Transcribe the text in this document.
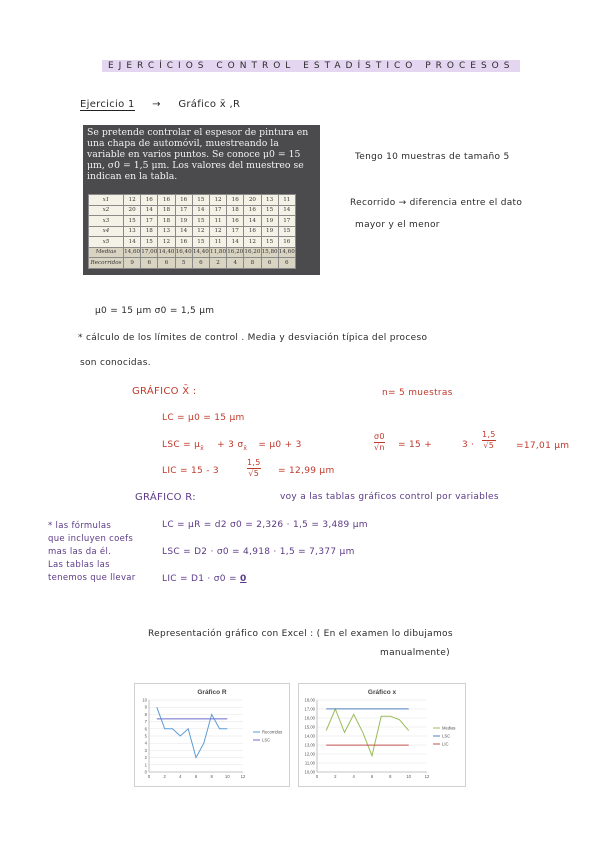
EJERCÍCIOS CONTROL ESTADÍSTICO PROCESOS
Ejercicio 1 → Gráfico x̄ ,R
Se pretende controlar el espesor de pintura en una chapa de automóvil, muestreando la variable en varios puntos. Se conoce μ0 = 15 μm, σ0 = 1,5 μm. Los valores del muestreo se indican en la tabla.
x1	12	16	16	16	15	12	16	20	13	11
x2	20	14	18	17	14	17	18	16	15	14
x3	15	17	18	19	15	11	16	14	19	17
x4	13	18	13	14	12	12	17	16	19	15
x5	14	15	12	16	15	11	14	12	15	16
Medias	14,60	17,00	14,40	16,40	14,40	11,80	16,20	16,20	15,80	14,60
Recorridos	9	6	6	5	6	2	4	8	6	6
Tengo 10 muestras de tamaño 5
Recorrido → diferencia entre el dato
mayor y el menor
μ0 = 15 μm σ0 = 1,5 μm
* cálculo de los límites de control . Media y desviación típica del proceso
son conocidas.
GRÁFICO X̄ :	n= 5 muestras
LC = μ0 = 15 μm
LSC = $\mu_{x̄} + 3$ $\sigma_{x̄} = \mu 0 + 3$	$\frac{\sigma 0}{√n} = 15$ +	$3 \cdot \frac{1,5}{√5} =17,01$ μm
LIC = 15 - 3	$\frac{1,5}{√5} = 12,99$ μm
GRÁFICO R:	voy a las tablas gráficos control por variables
* las fórmulas
que incluyen coefs
mas las da él.
Las tablas las
tenemos que llevar
LC = μR = d2 σ0 = 2,326 · 1,5 = 3,489 μm
LSC = D2 · σ0 = 4,918 · 1,5 = 7,377 μm
LIC = D1 · σ0 = 0
Representación gráfico con Excel : ( En el examen lo dibujamos
manualmente)
Gráfico R
0
1
2
3
4
5
6
7
8
9
10
0	2	4	6	8	10	12
Recorridos
LSC
Gráfico x
10,00
11,00
12,00
13,00
14,00
15,00
16,00
17,00
18,00
0	2	4	6	8	10	12
Medias
LSC
LIC
